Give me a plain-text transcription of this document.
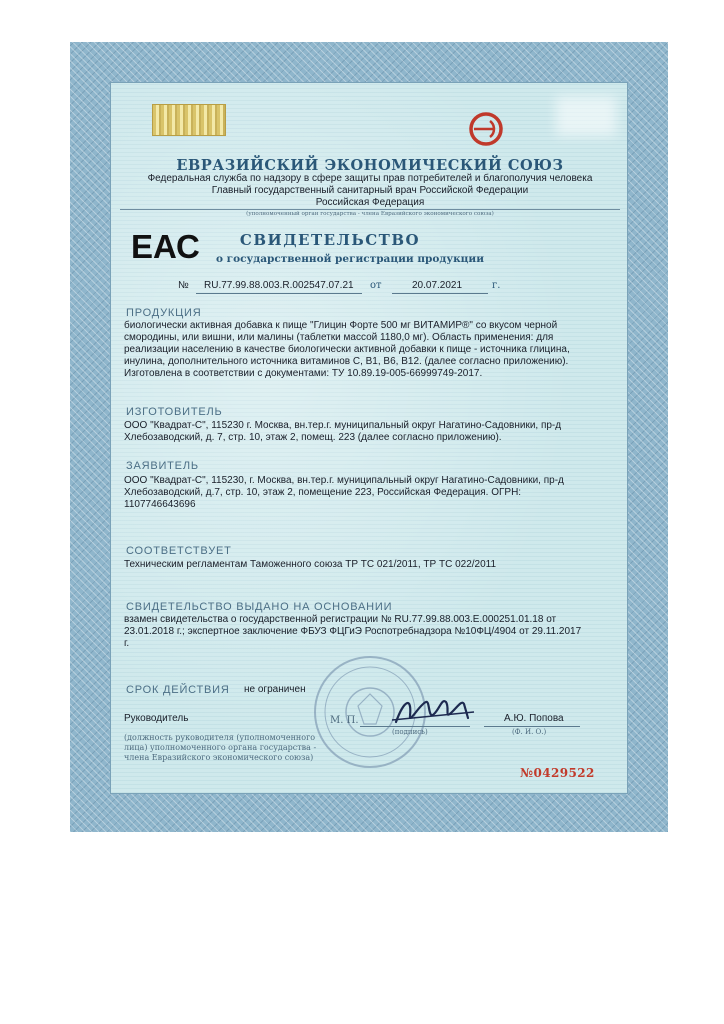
ЕВРАЗИЙСКИЙ ЭКОНОМИЧЕСКИЙ СОЮЗ

Федеральная служба по надзору в сфере защиты прав потребителей и благополучия человека

Главный государственный санитарный врач Российской Федерации

Российская Федерация

(уполномоченный орган государства - члена Евразийского экономического союза)

ЕАС	СВИДЕТЕЛЬСТВО

о государственной регистрации продукции

№ RU.77.99.88.003.R.002547.07.21 от	20.07.2021	г.

ПРОДУКЦИЯ

биологически активная добавка к пище "Глицин Форте 500 мг ВИТАМИР®" со вкусом черной

смородины, или вишни, или малины (таблетки массой 1180,0 мг). Область применения: для

реализации населению в качестве биологически активной добавки к пище - источника глицина,

инулина, дополнительного источника витаминов С, В1, В6, В12. (далее согласно приложению).

Изготовлена в соответствии с документами: ТУ 10.89.19-005-66999749-2017.

ИЗГОТОВИТЕЛЬ

ООО "Квадрат-С", 115230 г. Москва, вн.тер.г. муниципальный округ Нагатино-Садовники, пр-д

Хлебозаводский, д. 7, стр. 10, этаж 2, помещ. 223 (далее согласно приложению).

ЗАЯВИТЕЛЬ

ООО "Квадрат-С", 115230, г. Москва, вн.тер.г. муниципальный округ Нагатино-Садовники, пр-д

Хлебозаводский, д.7, стр. 10, этаж 2, помещение 223, Российская Федерация. ОГРН:

1107746643696

СООТВЕТСТВУЕТ

Техническим регламентам Таможенного союза ТР ТС 021/2011, ТР ТС 022/2011

СВИДЕТЕЛЬСТВО ВЫДАНО НА ОСНОВАНИИ

взамен свидетельства о государственной регистрации № RU.77.99.88.003.Е.000251.01.18 от

23.01.2018 г.; экспертное заключение ФБУЗ ФЦГиЭ Роспотребнадзора №10ФЦ/4904 от 29.11.2017

г.

СРОК ДЕЙСТВИЯ не ограничен

Руководитель	М. П.	А.Ю. Попова

(подпись)	(Ф. И. О.)

(должность руководителя (уполномоченного

лица) уполномоченного органа государства -

члена Евразийского экономического союза)

№0429522
